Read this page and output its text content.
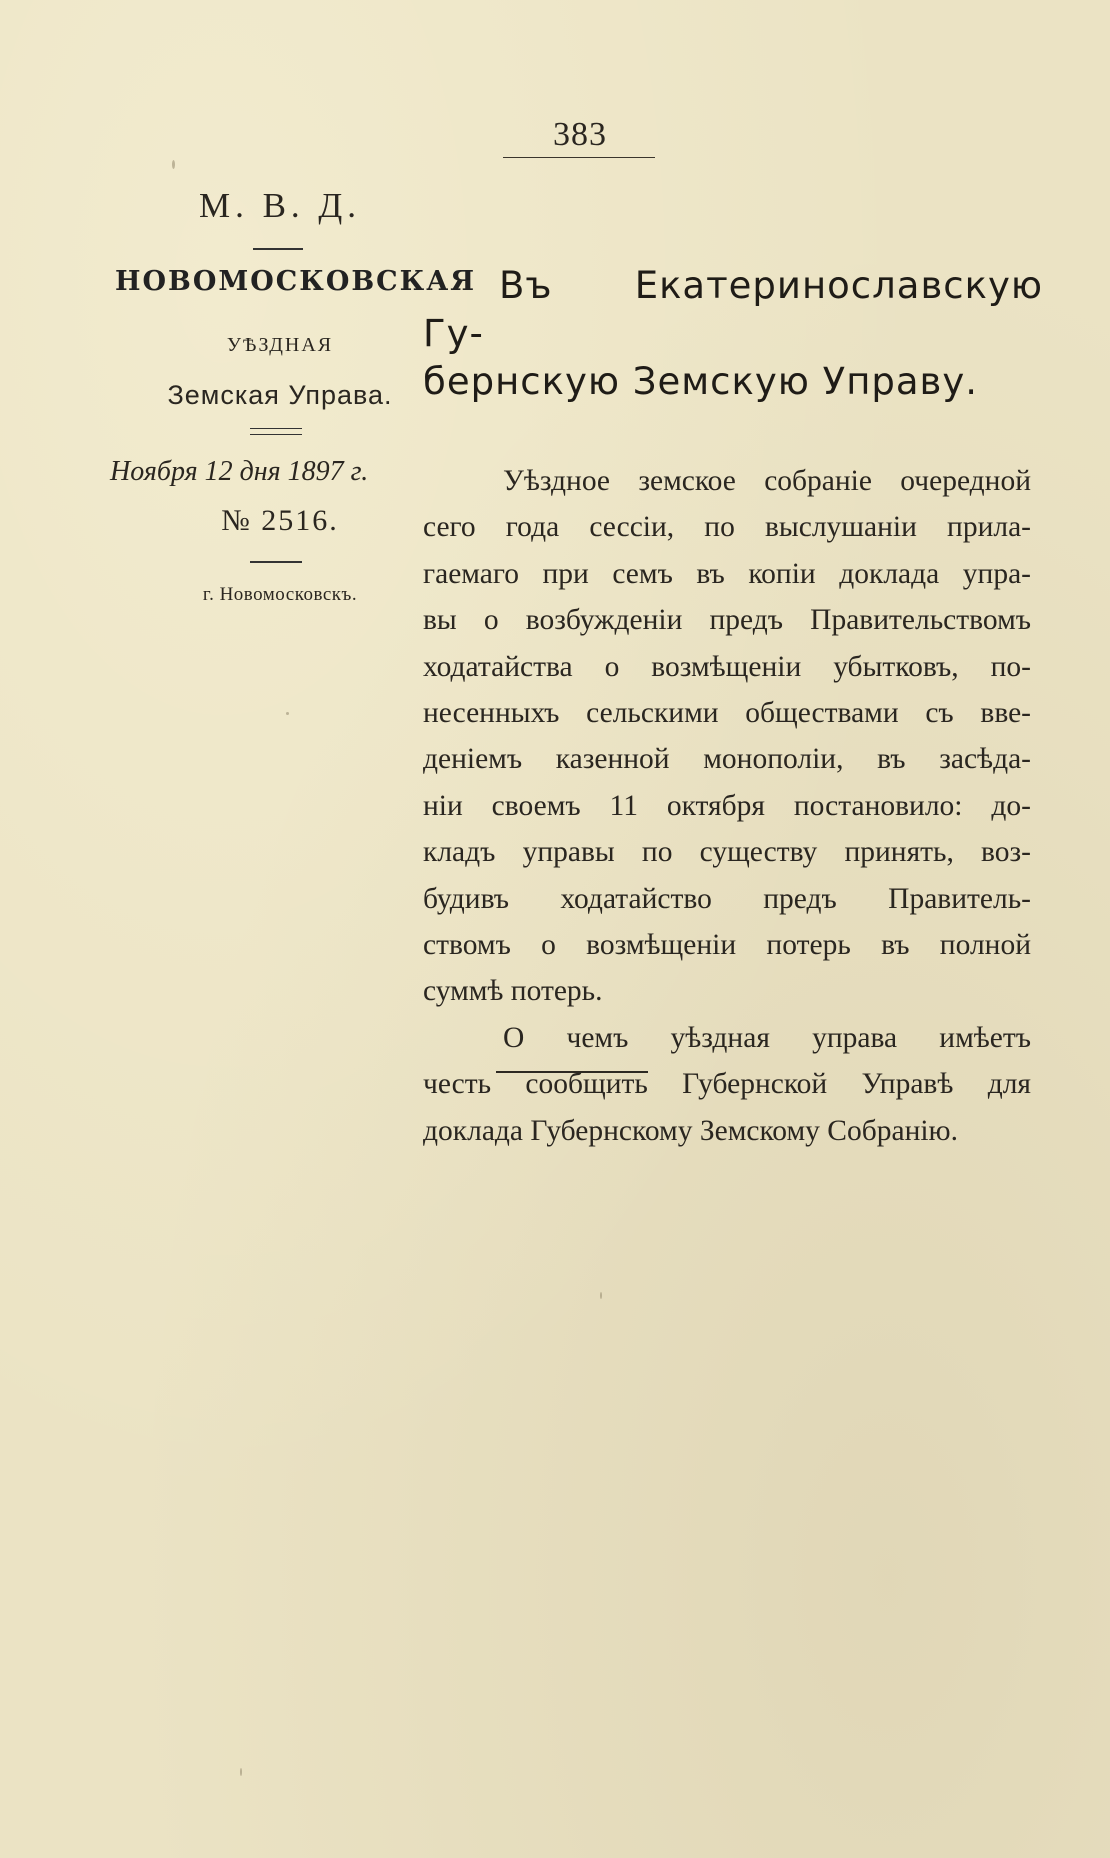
383
М. В. Д.
НОВОМОСКОВСКАЯ
УѢЗДНАЯ
Земская Управа.
Ноября 12 дня 1897 г.
№ 2516.
г. Новомосковскъ.
Въ Екатеринославскую Гу-
бернскую Земскую Управу.
Уѣздное земское собраніе очередной
сего года сессіи, по выслушаніи прила-
гаемаго при семъ въ копіи доклада упра-
вы о возбужденіи предъ Правительствомъ
ходатайства о возмѣщеніи убытковъ, по-
несенныхъ сельскими обществами съ вве-
деніемъ казенной монополіи, въ засѣда-
ніи своемъ 11 октября постановило: до-
кладъ управы по существу принять, воз-
будивъ ходатайство предъ Правитель-
ствомъ о возмѣщеніи потерь въ полной
суммѣ потерь.
О чемъ уѣздная управа имѣетъ
честь сообщить Губернской Управѣ для
доклада Губернскому Земскому Собранію.
